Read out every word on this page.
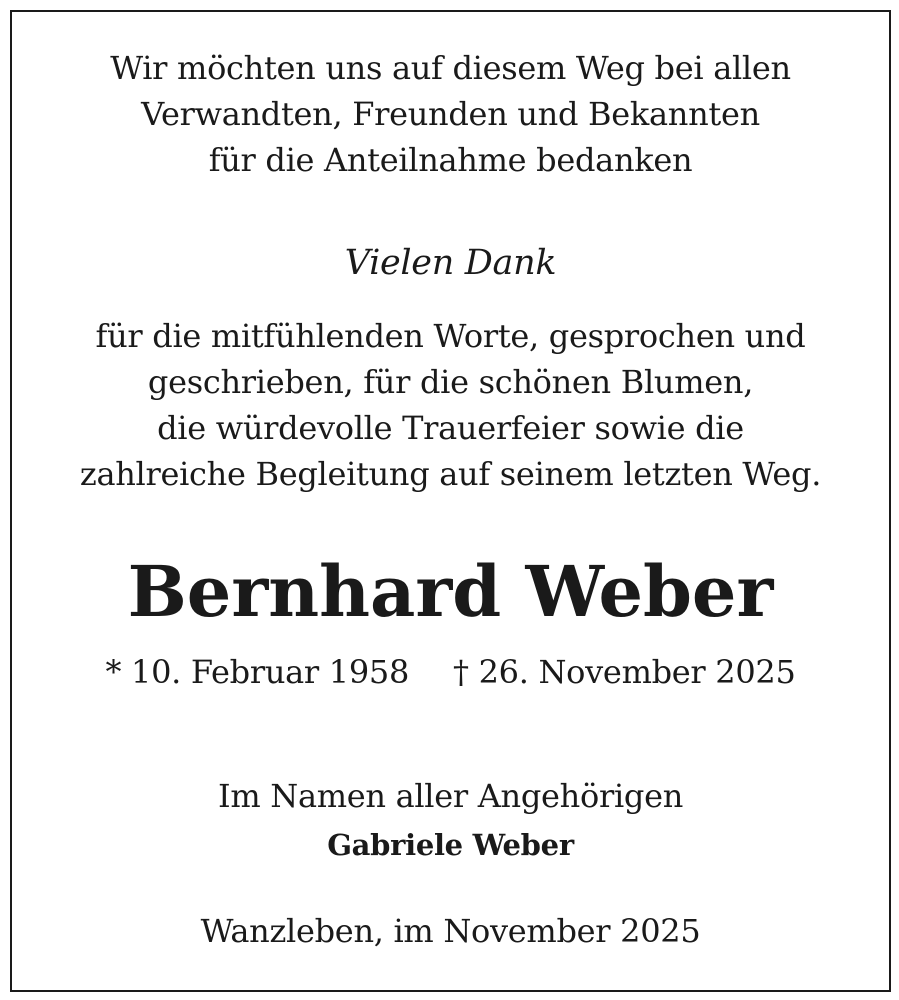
Wir möchten uns auf diesem Weg bei allen
Verwandten, Freunden und Bekannten
für die Anteilnahme bedanken
Vielen Dank
für die mitfühlenden Worte, gesprochen und
geschrieben, für die schönen Blumen,
die würdevolle Trauerfeier sowie die
zahlreiche Begleitung auf seinem letzten Weg.
Bernhard Weber
* 10. Februar 1958 † 26. November 2025
Im Namen aller Angehörigen
Gabriele Weber
Wanzleben, im November 2025
